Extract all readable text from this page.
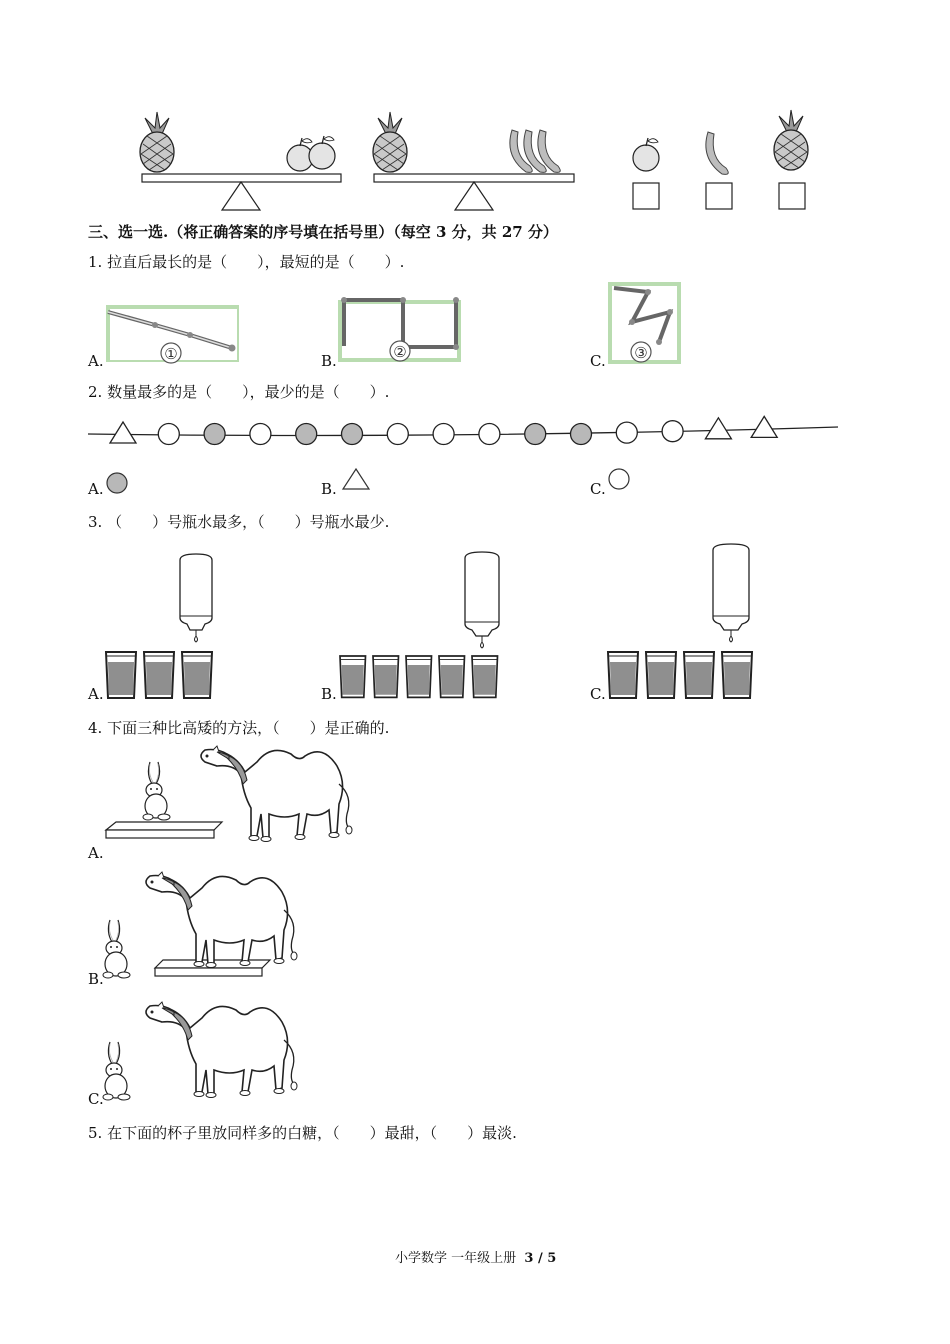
三、选一选.（将正确答案的序号填在括号里）（每空 3 分，共 27 分）
1. 拉直后最长的是（　　），最短的是（　　）.
①	②	③
A.	B.	C.
2. 数量最多的是（　　），最少的是（　　）.
A.	B.	C.
3. （　　）号瓶水最多，（　　）号瓶水最少.
A.	B.	C.
4. 下面三种比高矮的方法，（　　）是正确的.
A.
B.
C.
5. 在下面的杯子里放同样多的白糖，（　　）最甜，（　　）最淡.
小学数学 一年级上册 3 / 5
